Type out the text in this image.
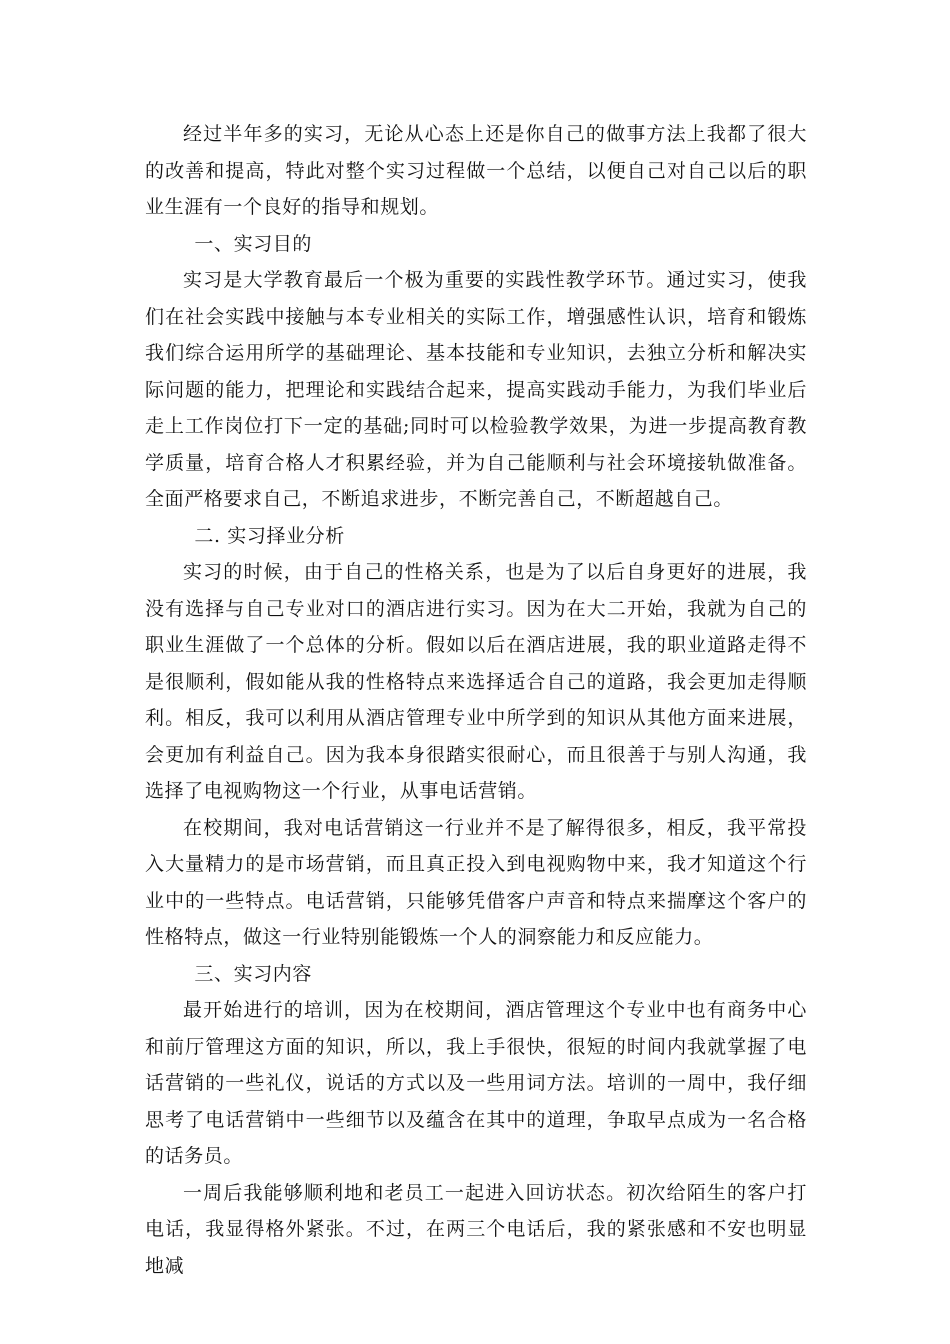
经过半年多的实习，无论从心态上还是你自己的做事方法上我都了很大的改善和提高，特此对整个实习过程做一个总结，以便自己对自己以后的职业生涯有一个良好的指导和规划。

一、实习目的

实习是大学教育最后一个极为重要的实践性教学环节。通过实习，使我们在社会实践中接触与本专业相关的实际工作，增强感性认识，培育和锻炼我们综合运用所学的基础理论、基本技能和专业知识，去独立分析和解决实际问题的能力，把理论和实践结合起来，提高实践动手能力，为我们毕业后走上工作岗位打下一定的基础;同时可以检验教学效果，为进一步提高教育教学质量，培育合格人才积累经验，并为自己能顺利与社会环境接轨做准备。全面严格要求自己，不断追求进步，不断完善自己，不断超越自己。

二. 实习择业分析

实习的时候，由于自己的性格关系，也是为了以后自身更好的进展，我没有选择与自己专业对口的酒店进行实习。因为在大二开始，我就为自己的职业生涯做了一个总体的分析。假如以后在酒店进展，我的职业道路走得不是很顺利，假如能从我的性格特点来选择适合自己的道路，我会更加走得顺利。相反，我可以利用从酒店管理专业中所学到的知识从其他方面来进展，会更加有利益自己。因为我本身很踏实很耐心，而且很善于与别人沟通，我选择了电视购物这一个行业，从事电话营销。

在校期间，我对电话营销这一行业并不是了解得很多，相反，我平常投入大量精力的是市场营销，而且真正投入到电视购物中来，我才知道这个行业中的一些特点。电话营销，只能够凭借客户声音和特点来揣摩这个客户的性格特点，做这一行业特别能锻炼一个人的洞察能力和反应能力。

三、实习内容

最开始进行的培训，因为在校期间，酒店管理这个专业中也有商务中心和前厅管理这方面的知识，所以，我上手很快，很短的时间内我就掌握了电话营销的一些礼仪，说话的方式以及一些用词方法。培训的一周中，我仔细思考了电话营销中一些细节以及蕴含在其中的道理，争取早点成为一名合格的话务员。

一周后我能够顺利地和老员工一起进入回访状态。初次给陌生的客户打电话，我显得格外紧张。不过，在两三个电话后，我的紧张感和不安也明显地减
